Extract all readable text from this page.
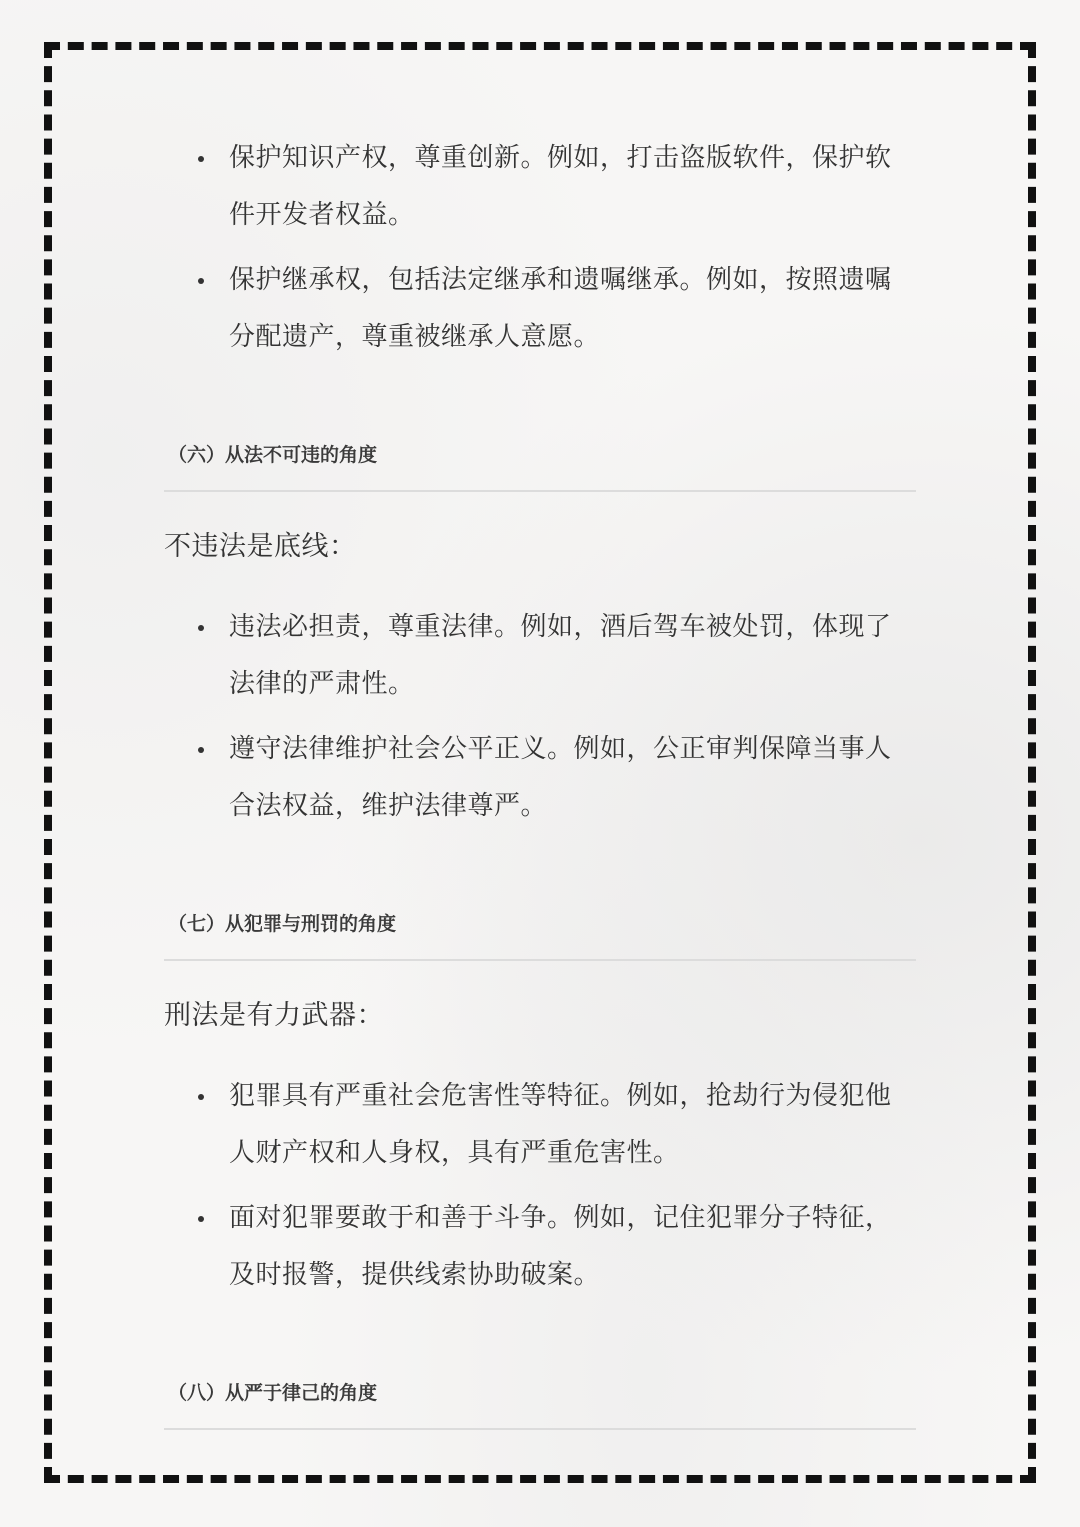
保护知识产权，尊重创新。例如，打击盗版软件，保护软件开发者权益。
保护继承权，包括法定继承和遗嘱继承。例如，按照遗嘱分配遗产，尊重被继承人意愿。
（六）从法不可违的角度
不违法是底线：
违法必担责，尊重法律。例如，酒后驾车被处罚，体现了法律的严肃性。
遵守法律维护社会公平正义。例如，公正审判保障当事人合法权益，维护法律尊严。
（七）从犯罪与刑罚的角度
刑法是有力武器：
犯罪具有严重社会危害性等特征。例如，抢劫行为侵犯他人财产权和人身权，具有严重危害性。
面对犯罪要敢于和善于斗争。例如，记住犯罪分子特征，及时报警，提供线索协助破案。
（八）从严于律己的角度
